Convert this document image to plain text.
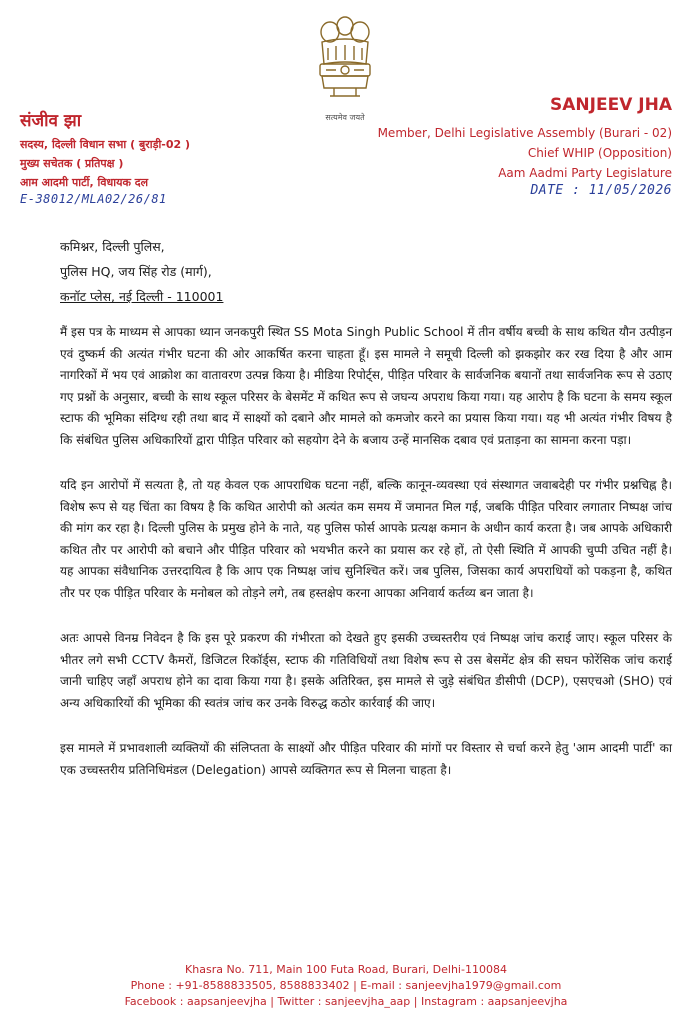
सत्यमेव जयते
संजीव झा
सदस्य, दिल्ली विधान सभा ( बुराड़ी-02 )
मुख्य सचेतक ( प्रतिपक्ष )
आम आदमी पार्टी, विधायक दल
E-38012/MLA02/26/81
SANJEEV JHA
Member, Delhi Legislative Assembly (Burari - 02)
Chief WHIP (Opposition)
Aam Aadmi Party Legislature
DATE : 11/05/2026
कमिश्नर, दिल्ली पुलिस,
पुलिस HQ, जय सिंह रोड (मार्ग),
कनॉट प्लेस, नई दिल्ली - 110001

मैं इस पत्र के माध्यम से आपका ध्यान जनकपुरी स्थित SS Mota Singh Public School में तीन वर्षीय बच्ची के साथ कथित यौन उत्पीड़न एवं दुष्कर्म की अत्यंत गंभीर घटना की ओर आकर्षित करना चाहता हूँ। इस मामले ने समूची दिल्ली को झकझोर कर रख दिया है और आम नागरिकों में भय एवं आक्रोश का वातावरण उत्पन्न किया है। मीडिया रिपोर्ट्स, पीड़ित परिवार के सार्वजनिक बयानों तथा सार्वजनिक रूप से उठाए गए प्रश्नों के अनुसार, बच्ची के साथ स्कूल परिसर के बेसमेंट में कथित रूप से जघन्य अपराध किया गया। यह आरोप है कि घटना के समय स्कूल स्टाफ की भूमिका संदिग्ध रही तथा बाद में साक्ष्यों को दबाने और मामले को कमजोर करने का प्रयास किया गया। यह भी अत्यंत गंभीर विषय है कि संबंधित पुलिस अधिकारियों द्वारा पीड़ित परिवार को सहयोग देने के बजाय उन्हें मानसिक दबाव एवं प्रताड़ना का सामना करना पड़ा।

यदि इन आरोपों में सत्यता है, तो यह केवल एक आपराधिक घटना नहीं, बल्कि कानून-व्यवस्था एवं संस्थागत जवाबदेही पर गंभीर प्रश्नचिह्न है। विशेष रूप से यह चिंता का विषय है कि कथित आरोपी को अत्यंत कम समय में जमानत मिल गई, जबकि पीड़ित परिवार लगातार निष्पक्ष जांच की मांग कर रहा है। दिल्ली पुलिस के प्रमुख होने के नाते, यह पुलिस फोर्स आपके प्रत्यक्ष कमान के अधीन कार्य करता है। जब आपके अधिकारी कथित तौर पर आरोपी को बचाने और पीड़ित परिवार को भयभीत करने का प्रयास कर रहे हों, तो ऐसी स्थिति में आपकी चुप्पी उचित नहीं है। यह आपका संवैधानिक उत्तरदायित्व है कि आप एक निष्पक्ष जांच सुनिश्चित करें। जब पुलिस, जिसका कार्य अपराधियों को पकड़ना है, कथित तौर पर एक पीड़ित परिवार के मनोबल को तोड़ने लगे, तब हस्तक्षेप करना आपका अनिवार्य कर्तव्य बन जाता है।

अतः आपसे विनम्र निवेदन है कि इस पूरे प्रकरण की गंभीरता को देखते हुए इसकी उच्चस्तरीय एवं निष्पक्ष जांच कराई जाए। स्कूल परिसर के भीतर लगे सभी CCTV कैमरों, डिजिटल रिकॉर्ड्स, स्टाफ की गतिविधियों तथा विशेष रूप से उस बेसमेंट क्षेत्र की सघन फोरेंसिक जांच कराई जानी चाहिए जहाँ अपराध होने का दावा किया गया है। इसके अतिरिक्त, इस मामले से जुड़े संबंधित डीसीपी (DCP), एसएचओ (SHO) एवं अन्य अधिकारियों की भूमिका की स्वतंत्र जांच कर उनके विरुद्ध कठोर कार्रवाई की जाए।

इस मामले में प्रभावशाली व्यक्तियों की संलिप्तता के साक्ष्यों और पीड़ित परिवार की मांगों पर विस्तार से चर्चा करने हेतु 'आम आदमी पार्टी' का एक उच्चस्तरीय प्रतिनिधिमंडल (Delegation) आपसे व्यक्तिगत रूप से मिलना चाहता है।

Khasra No. 711, Main 100 Futa Road, Burari, Delhi-110084
Phone : +91-8588833505, 8588833402 | E-mail : sanjeevjha1979@gmail.com
Facebook : aapsanjeevjha | Twitter : sanjeevjha_aap | Instagram : aapsanjeevjha
